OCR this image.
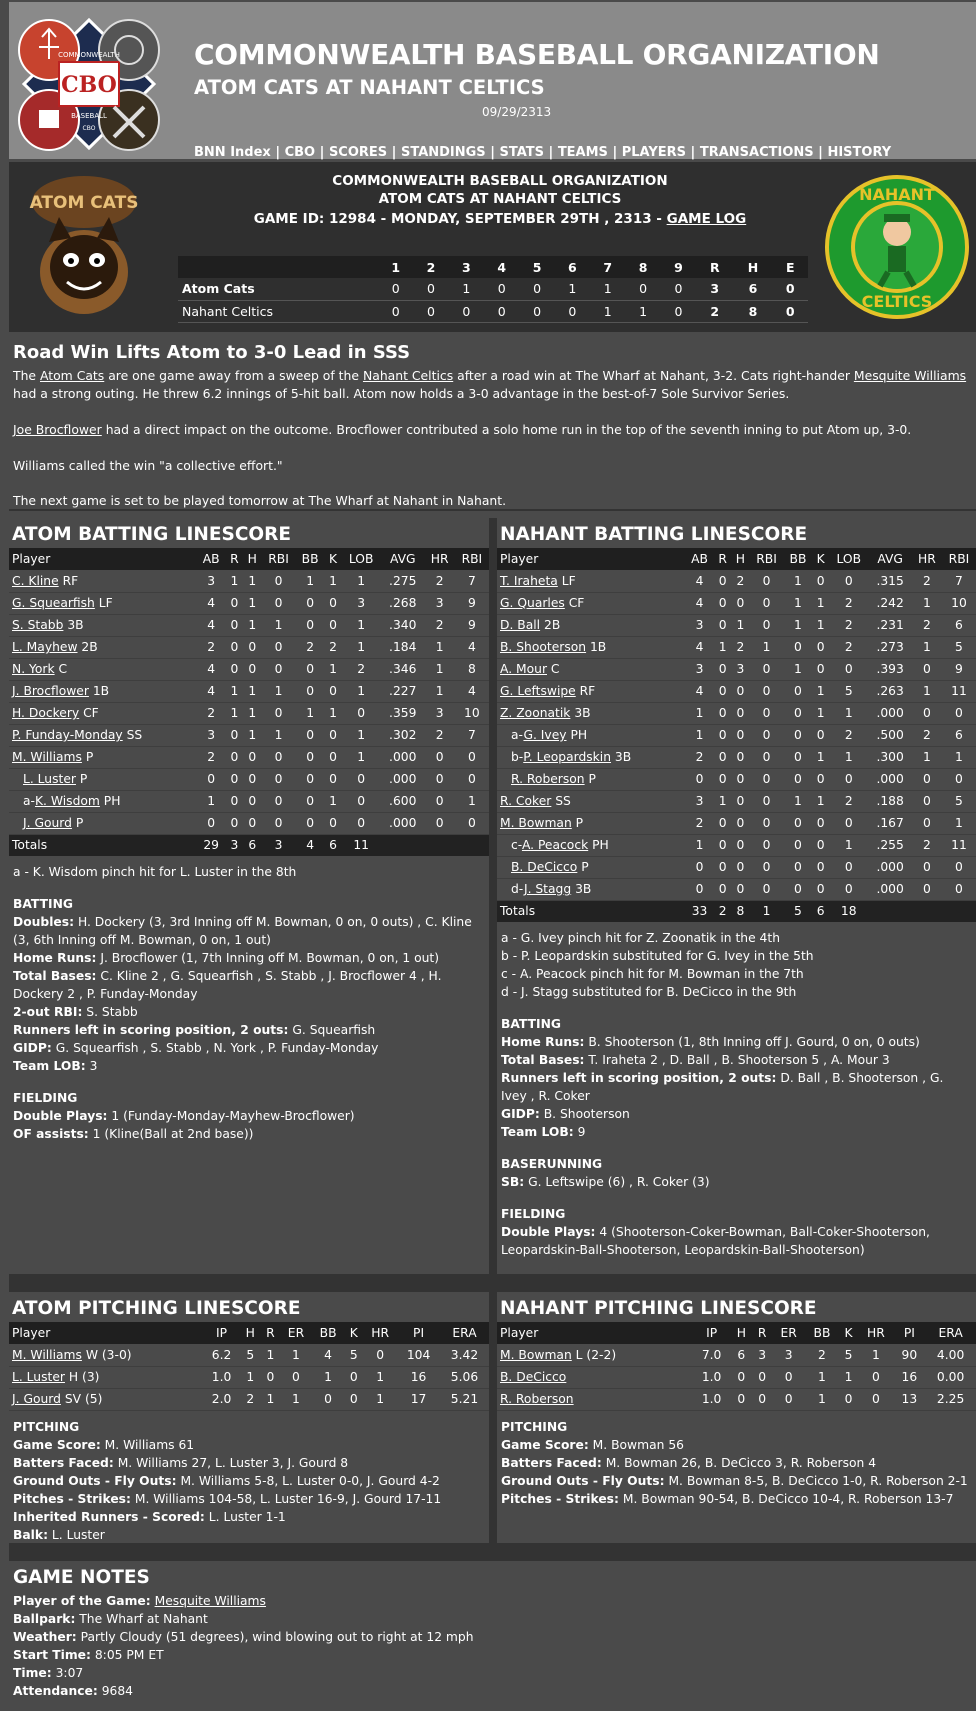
COMMONWEALTH
CBO
BASEBALL
CBO
COMMONWEALTH BASEBALL ORGANIZATION
ATOM CATS AT NAHANT CELTICS
09/29/2313
BNN Index | CBO | SCORES | STANDINGS | STATS | TEAMS | PLAYERS | TRANSACTIONS | HISTORY
ATOM CATS
COMMONWEALTH BASEBALL ORGANIZATION
ATOM CATS AT NAHANT CELTICS
GAME ID: 12984 - MONDAY, SEPTEMBER 29TH , 2313 - GAME LOG
NAHANT
CELTICS
	1	2	3	4	5	6	7	8	9	R	H	E
Atom Cats	0	0	1	0	0	1	1	0	0	3	6	0
Nahant Celtics	0	0	0	0	0	0	1	1	0	2	8	0
Road Win Lifts Atom to 3-0 Lead in SSS

The Atom Cats are one game away from a sweep of the Nahant Celtics after a road win at The Wharf at Nahant, 3-2. Cats right-hander Mesquite Williams had a strong outing. He threw 6.2 innings of 5-hit ball. Atom now holds a 3-0 advantage in the best-of-7 Sole Survivor Series.

Joe Brocflower had a direct impact on the outcome. Brocflower contributed a solo home run in the top of the seventh inning to put Atom up, 3-0.

Williams called the win "a collective effort."

The next game is set to be played tomorrow at The Wharf at Nahant in Nahant.

ATOM BATTING LINESCORE
Player	AB	R	H	RBI	BB	K	LOB	AVG	HR	RBI
C. Kline RF	3	1	1	0	1	1	1	.275	2	7
G. Squearfish LF	4	0	1	0	0	0	3	.268	3	9
S. Stabb 3B	4	0	1	1	0	0	1	.340	2	9
L. Mayhew 2B	2	0	0	0	2	2	1	.184	1	4
N. York C	4	0	0	0	0	1	2	.346	1	8
J. Brocflower 1B	4	1	1	1	0	0	1	.227	1	4
H. Dockery CF	2	1	1	0	1	1	0	.359	3	10
P. Funday-Monday SS	3	0	1	1	0	0	1	.302	2	7
M. Williams P	2	0	0	0	0	0	1	.000	0	0
L. Luster P	0	0	0	0	0	0	0	.000	0	0
a-K. Wisdom PH	1	0	0	0	0	1	0	.600	0	1
J. Gourd P	0	0	0	0	0	0	0	.000	0	0
Totals	29	3	6	3	4	6	11			
a - K. Wisdom pinch hit for L. Luster in the 8th
BATTING
Doubles: H. Dockery (3, 3rd Inning off M. Bowman, 0 on, 0 outs) , C. Kline (3, 6th Inning off M. Bowman, 0 on, 1 out)
Home Runs: J. Brocflower (1, 7th Inning off M. Bowman, 0 on, 1 out)
Total Bases: C. Kline 2 , G. Squearfish , S. Stabb , J. Brocflower 4 , H. Dockery 2 , P. Funday-Monday
2-out RBI: S. Stabb
Runners left in scoring position, 2 outs: G. Squearfish
GIDP: G. Squearfish , S. Stabb , N. York , P. Funday-Monday
Team LOB: 3
FIELDING
Double Plays: 1 (Funday-Monday-Mayhew-Brocflower)
OF assists: 1 (Kline(Ball at 2nd base))
NAHANT BATTING LINESCORE
Player	AB	R	H	RBI	BB	K	LOB	AVG	HR	RBI
T. Iraheta LF	4	0	2	0	1	0	0	.315	2	7
G. Quarles CF	4	0	0	0	1	1	2	.242	1	10
D. Ball 2B	3	0	1	0	1	1	2	.231	2	6
B. Shooterson 1B	4	1	2	1	0	0	2	.273	1	5
A. Mour C	3	0	3	0	1	0	0	.393	0	9
G. Leftswipe RF	4	0	0	0	0	1	5	.263	1	11
Z. Zoonatik 3B	1	0	0	0	0	1	1	.000	0	0
a-G. Ivey PH	1	0	0	0	0	0	2	.500	2	6
b-P. Leopardskin 3B	2	0	0	0	0	1	1	.300	1	1
R. Roberson P	0	0	0	0	0	0	0	.000	0	0
R. Coker SS	3	1	0	0	1	1	2	.188	0	5
M. Bowman P	2	0	0	0	0	0	0	.167	0	1
c-A. Peacock PH	1	0	0	0	0	0	1	.255	2	11
B. DeCicco P	0	0	0	0	0	0	0	.000	0	0
d-J. Stagg 3B	0	0	0	0	0	0	0	.000	0	0
Totals	33	2	8	1	5	6	18			
a - G. Ivey pinch hit for Z. Zoonatik in the 4th
b - P. Leopardskin substituted for G. Ivey in the 5th
c - A. Peacock pinch hit for M. Bowman in the 7th
d - J. Stagg substituted for B. DeCicco in the 9th
BATTING
Home Runs: B. Shooterson (1, 8th Inning off J. Gourd, 0 on, 0 outs)
Total Bases: T. Iraheta 2 , D. Ball , B. Shooterson 5 , A. Mour 3
Runners left in scoring position, 2 outs: D. Ball , B. Shooterson , G. Ivey , R. Coker
GIDP: B. Shooterson
Team LOB: 9
BASERUNNING
SB: G. Leftswipe (6) , R. Coker (3)
FIELDING
Double Plays: 4 (Shooterson-Coker-Bowman, Ball-Coker-Shooterson, Leopardskin-Ball-Shooterson, Leopardskin-Ball-Shooterson)
ATOM PITCHING LINESCORE
Player	IP	H	R	ER	BB	K	HR	PI	ERA
M. Williams W (3-0)	6.2	5	1	1	4	5	0	104	3.42
L. Luster H (3)	1.0	1	0	0	1	0	1	16	5.06
J. Gourd SV (5)	2.0	2	1	1	0	0	1	17	5.21
PITCHING
Game Score: M. Williams 61
Batters Faced: M. Williams 27, L. Luster 3, J. Gourd 8
Ground Outs - Fly Outs: M. Williams 5-8, L. Luster 0-0, J. Gourd 4-2
Pitches - Strikes: M. Williams 104-58, L. Luster 16-9, J. Gourd 17-11
Inherited Runners - Scored: L. Luster 1-1
Balk: L. Luster
NAHANT PITCHING LINESCORE
Player	IP	H	R	ER	BB	K	HR	PI	ERA
M. Bowman L (2-2)	7.0	6	3	3	2	5	1	90	4.00
B. DeCicco	1.0	0	0	0	1	1	0	16	0.00
R. Roberson	1.0	0	0	0	1	0	0	13	2.25
PITCHING
Game Score: M. Bowman 56
Batters Faced: M. Bowman 26, B. DeCicco 3, R. Roberson 4
Ground Outs - Fly Outs: M. Bowman 8-5, B. DeCicco 1-0, R. Roberson 2-1
Pitches - Strikes: M. Bowman 90-54, B. DeCicco 10-4, R. Roberson 13-7
GAME NOTES
Player of the Game: Mesquite Williams
Ballpark: The Wharf at Nahant
Weather: Partly Cloudy (51 degrees), wind blowing out to right at 12 mph
Start Time: 8:05 PM ET
Time: 3:07
Attendance: 9684
